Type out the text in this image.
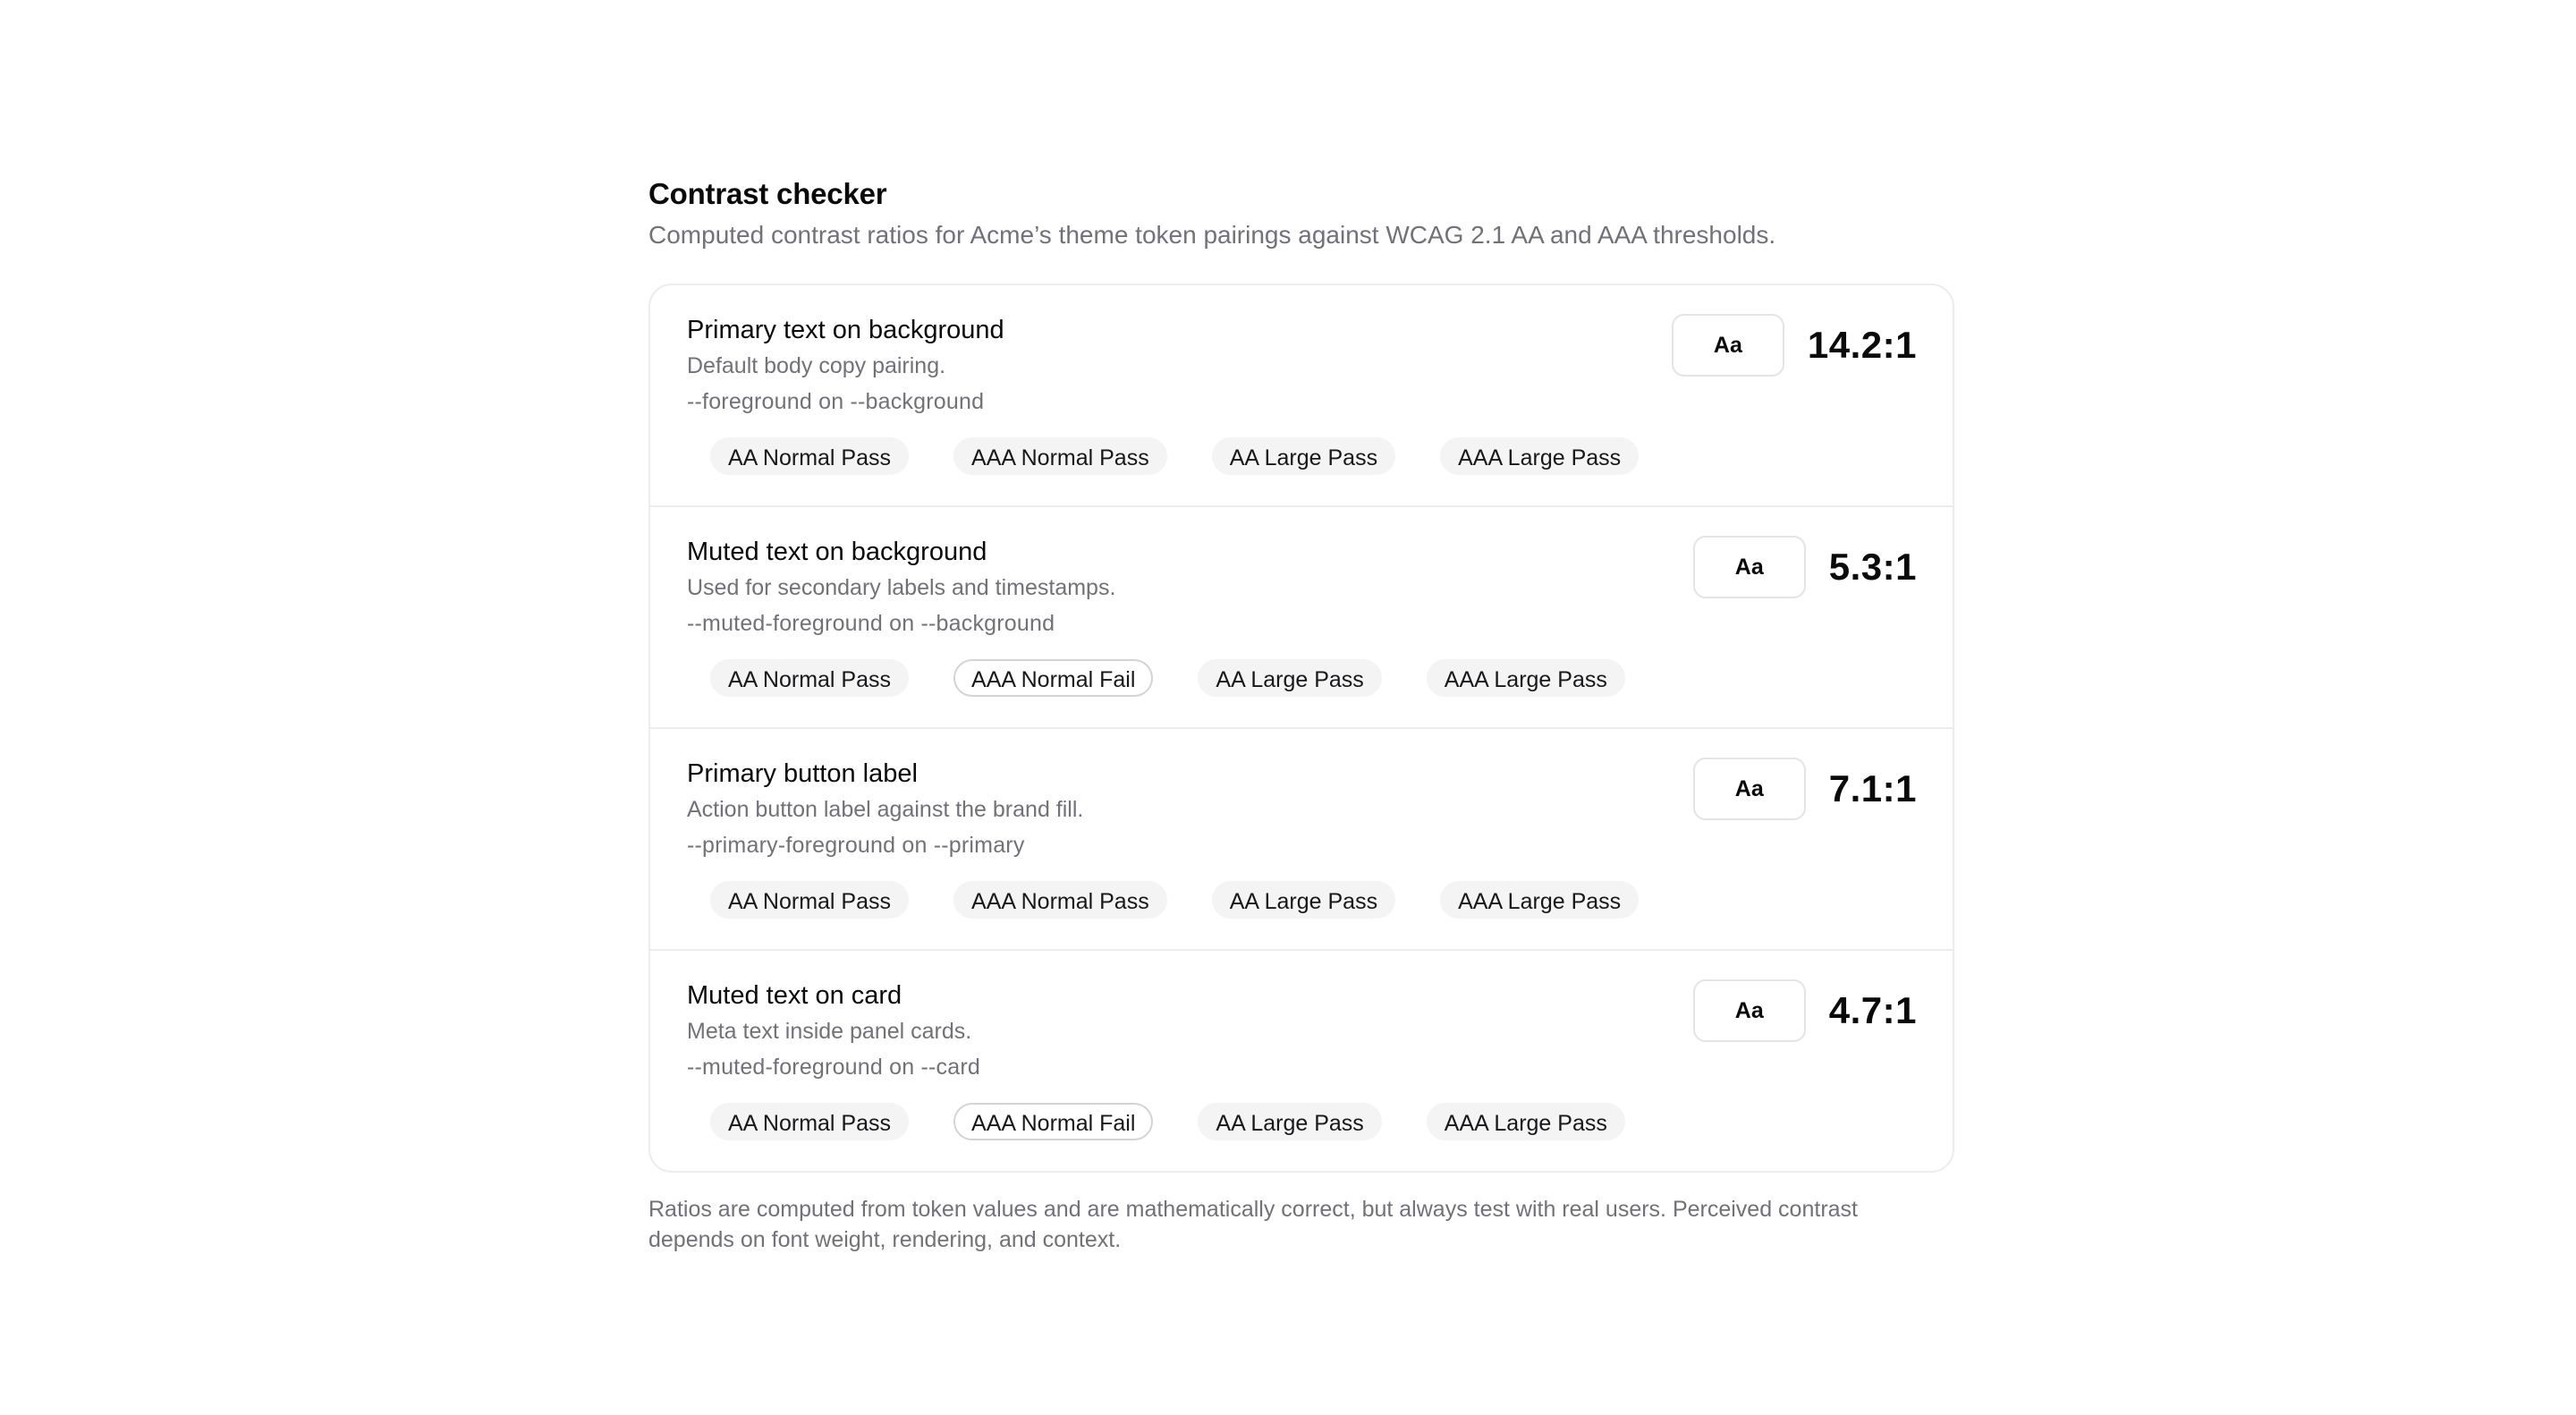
Contrast checker

Computed contrast ratios for Acme’s theme token pairings against WCAG 2.1 AA and AAA thresholds.

Primary text on background
Default body copy pairing.
--foreground on --background
AA Normal Pass	AAA Normal Pass	AA Large Pass	AAA Large Pass
Aa	14.2:1
Muted text on background
Used for secondary labels and timestamps.
--muted-foreground on --background
AA Normal Pass	AAA Normal Fail	AA Large Pass	AAA Large Pass
Aa	5.3:1
Primary button label
Action button label against the brand fill.
--primary-foreground on --primary
AA Normal Pass	AAA Normal Pass	AA Large Pass	AAA Large Pass
Aa	7.1:1
Muted text on card
Meta text inside panel cards.
--muted-foreground on --card
AA Normal Pass	AAA Normal Fail	AA Large Pass	AAA Large Pass
Aa	4.7:1
Ratios are computed from token values and are mathematically correct, but always test with real users. Perceived contrast depends on font weight, rendering, and context.
